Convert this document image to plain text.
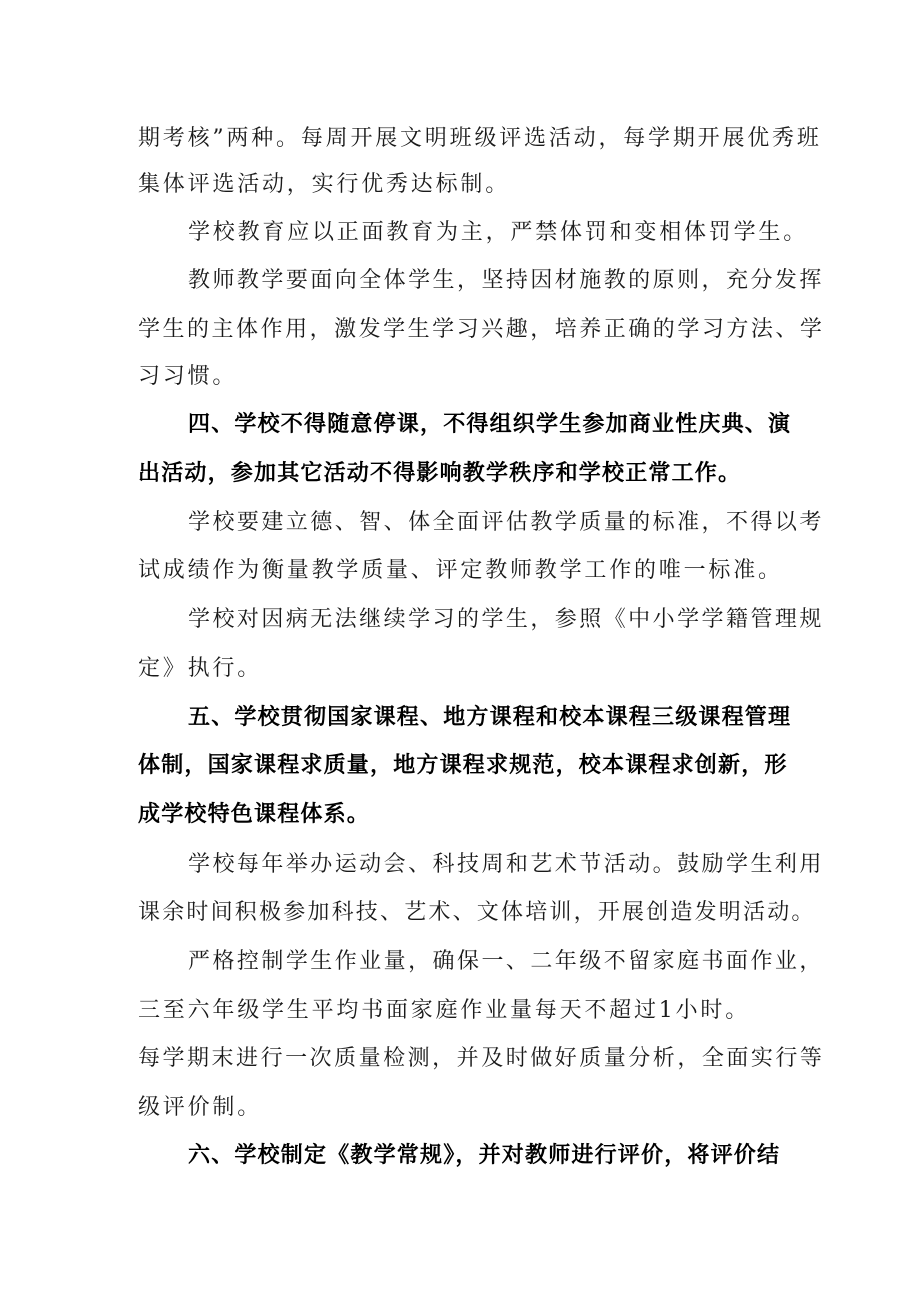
期考核”两种。每周开展文明班级评选活动，每学期开展优秀班
集体评选活动，实行优秀达标制。
学校教育应以正面教育为主，严禁体罚和变相体罚学生。
教师教学要面向全体学生，坚持因材施教的原则，充分发挥
学生的主体作用，激发学生学习兴趣，培养正确的学习方法、学
习习惯。
四、学校不得随意停课，不得组织学生参加商业性庆典、演
出活动，参加其它活动不得影响教学秩序和学校正常工作。
学校要建立德、智、体全面评估教学质量的标准，不得以考
试成绩作为衡量教学质量、评定教师教学工作的唯一标准。
学校对因病无法继续学习的学生，参照《中小学学籍管理规
定》执行。
五、学校贯彻国家课程、地方课程和校本课程三级课程管理
体制，国家课程求质量，地方课程求规范，校本课程求创新，形
成学校特色课程体系。
学校每年举办运动会、科技周和艺术节活动。鼓励学生利用
课余时间积极参加科技、艺术、文体培训，开展创造发明活动。
严格控制学生作业量，确保一、二年级不留家庭书面作业，
三至六年级学生平均书面家庭作业量每天不超过1小时。
每学期末进行一次质量检测，并及时做好质量分析，全面实行等
级评价制。
六、学校制定《教学常规》，并对教师进行评价，将评价结
